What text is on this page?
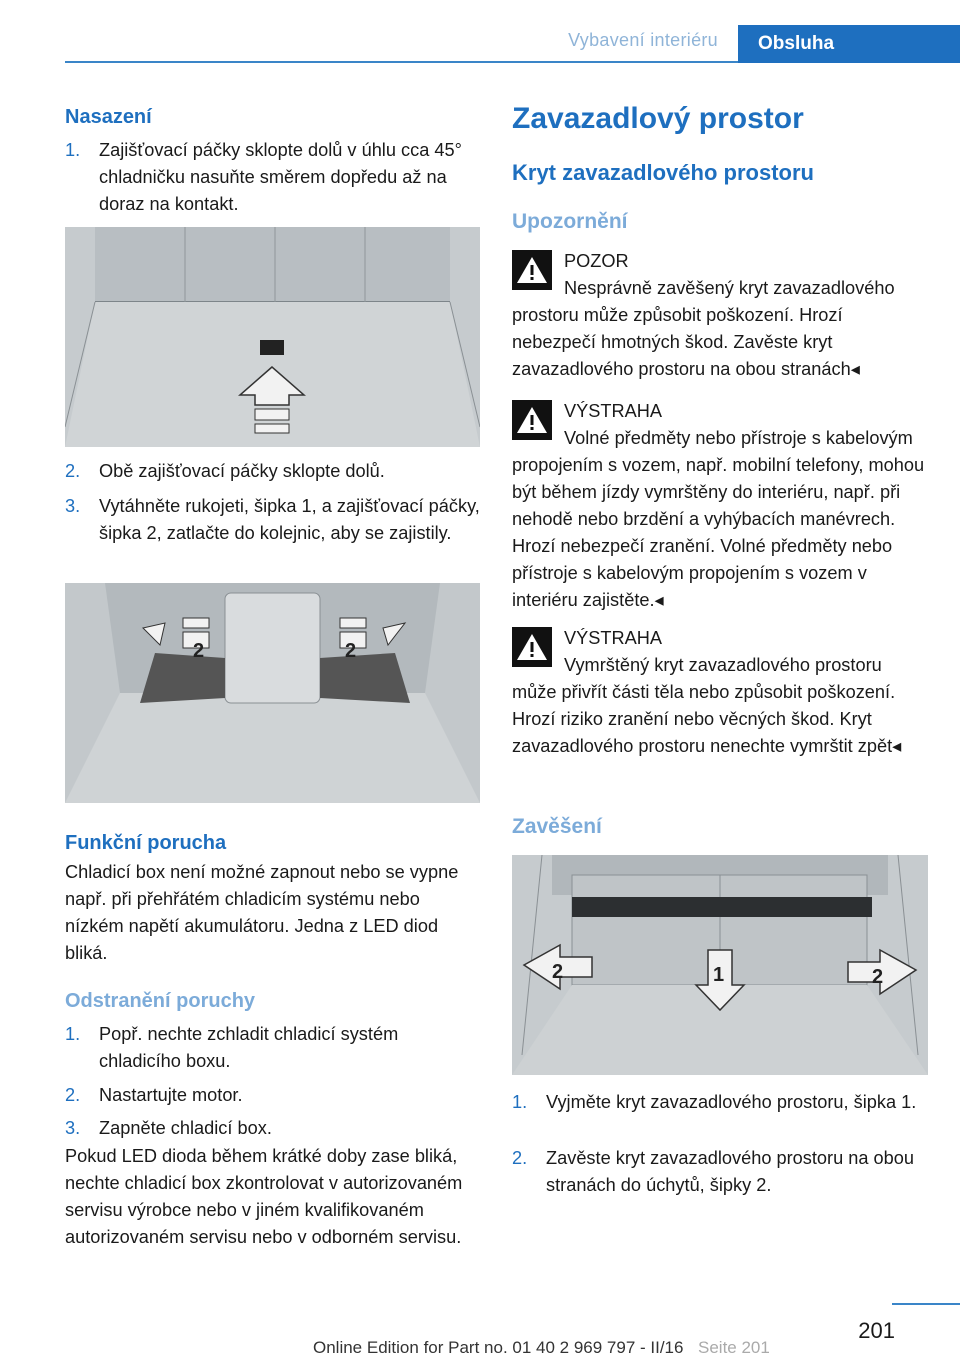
Vybavení interiéru	Obsluha
Nasazení
1. Zajišťovací páčky sklopte dolů v úhlu cca 45° chladničku nasuňte směrem dopředu až na doraz na kontakt.
2. Obě zajišťovací páčky sklopte dolů.
3. Vytáhněte rukojeti, šipka 1, a zajišťovací páčky, šipka 2, zatlačte do kolejnic, aby se zajistily.
2	2
Funkční porucha
Chladicí box není možné zapnout nebo se vypne např. při přehřátém chladicím systému nebo nízkém napětí akumulátoru. Jedna z LED diod bliká.
Odstranění poruchy
1. Popř. nechte zchladit chladicí systém chladicího boxu.
2. Nastartujte motor.
3. Zapněte chladicí box.
Pokud LED dioda během krátké doby zase bliká, nechte chladicí box zkontrolovat v autorizovaném servisu výrobce nebo v jiném kvalifikovaném autorizovaném servisu nebo v odborném servisu.
Zavazadlový prostor
Kryt zavazadlového prostoru
Upozornění
POZOR
Nesprávně zavěšený kryt zavazadlového prostoru může způsobit poškození. Hrozí nebezpečí hmotných škod. Zavěste kryt zavazadlového prostoru na obou stranách◂
VÝSTRAHA
Volné předměty nebo přístroje s kabelovým propojením s vozem, např. mobilní telefony, mohou být během jízdy vymrštěny do interiéru, např. při nehodě nebo brzdění a vyhýbacích manévrech. Hrozí nebezpečí zranění. Volné předměty nebo přístroje s kabelovým propojením s vozem v interiéru zajistěte.◂
VÝSTRAHA
Vymrštěný kryt zavazadlového prostoru může přivřít části těla nebo způsobit poškození. Hrozí riziko zranění nebo věcných škod. Kryt zavazadlového prostoru nenechte vymrštit zpět◂
Zavěšení
2	1	2
1. Vyjměte kryt zavazadlového prostoru, šipka 1.
2. Zavěste kryt zavazadlového prostoru na obou stranách do úchytů, šipky 2.
201
Seite 201
Online Edition for Part no. 01 40 2 969 797 - II/16
